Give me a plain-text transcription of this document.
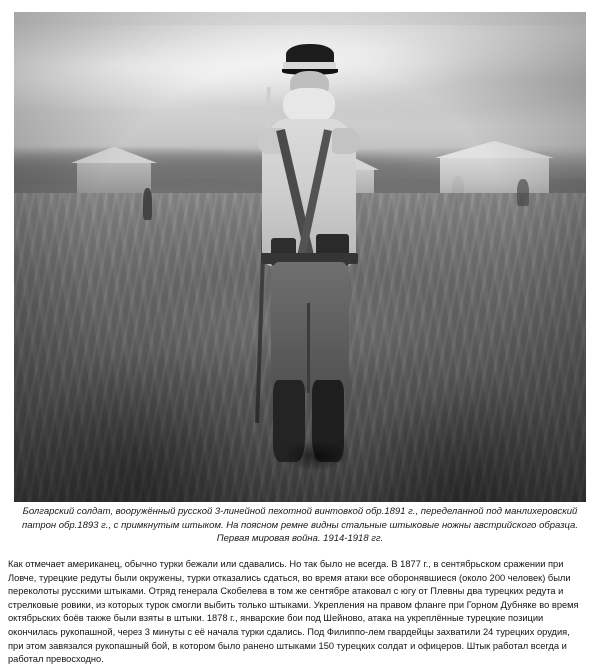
Болгарский солдат, вооружённый русской 3-линейной пехотной винтовкой обр.1891 г., переделанной под манлихеровский
патрон обр.1893 г., с примкнутым штыком. На поясном ремне видны стальные штыковые ножны австрийского образца.
Первая мировая война. 1914-1918 гг.
Как отмечает американец, обычно турки бежали или сдавались. Но так было не всегда. В 1877 г., в сентябрьском сражении при
Ловче, турецкие редуты были окружены, турки отказались сдаться, во время атаки все оборонявшиеся (около 200 человек) были
переколоты русскими штыками. Отряд генерала Скобелева в том же сентябре атаковал с югу от Плевны два турецких редута и
стрелковые ровики, из которых турок смогли выбить только штыками. Укрепления на правом фланге при Горном Дубняке во время
октябрьских боёв также были взяты в штыки. 1878 г., январские бои под Шейново, атака на укреплённые турецкие позиции
окончилась рукопашной, через 3 минуты с её начала турки сдались. Под Филиппо-лем гвардейцы захватили 24 турецких орудия,
при этом завязался рукопашный бой, в котором было ранено штыками 150 турецких солдат и офицеров. Штык работал всегда и
работал превосходно.
